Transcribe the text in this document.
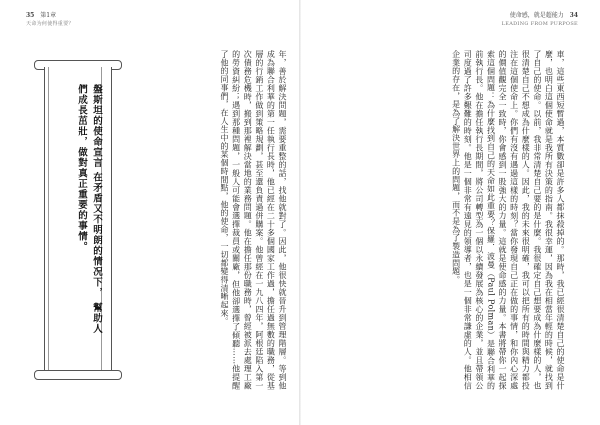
35 第1章
天命为何使得重要？
使命感，就是超能力 34
LEADING FROM PURPOSE
盤斯坦的使命宣言 在矛盾又不明朗的情况下， 幫助人們成長茁壯，做對真正重要的事情。	年，善於解決問題，需要重整的話，找他就對了。因此，他很快就晉升到管理階層。等到他成為聯合利華的第一任執行長時，他已經在二十多個國家工作過，擔任過無數的職務，從基層的行銷工作做到策略規劃，甚至還負責過併購案。他曾經在一九八四年，阿根廷陷入第一次債務危機時，搬到那裡解決當地的業務問題。他在擔任那份職務時，曾經被派去處理工廠的勞資糾紛；遇到那種問題，一般人可能會選擇裁員或關廠，但他卻選擇了傾聽……他提醒了他的同事們，在人生中的某個時間點，他的使命，一切都變得清晰起來。	車，這些東西短暫過，本質數卻是許多人都抹殺掉的。那時，我已經很清楚自己的使命是什麼，也明白這個使命就是我所有決策的指南。我很幸運，因為我在相當年輕的時候，就找到了自己的使命。以前，我非常清楚自己要的是什麼。我很確定自己想要成為什麼樣的人，也很清楚自己不想成為什麼樣的人。因此，我的未來很明確，我可以把所有的時間與精力都投注在這個使命上。你們有沒有遇過這樣的時刻？當你發現自己正在做的事情，和你內心深處的價值觀完全一致時，你會感到一股強大的力量。這就是使命感的力量。本書將帶你一起探索這個問題：為什麼找到自己的天命如此重要？保羅．波曼（Paul Polman）是聯合利華的前執行長。他在擔任執行長期間，將公司轉型為一個以永續發展為核心的企業，並且帶領公司度過了許多艱難的時刻。他是一個非常有遠見的領導者，也是一個非常謙虛的人。他相信企業的存在，是為了解決世界上的問題，而不是為了製造問題。
